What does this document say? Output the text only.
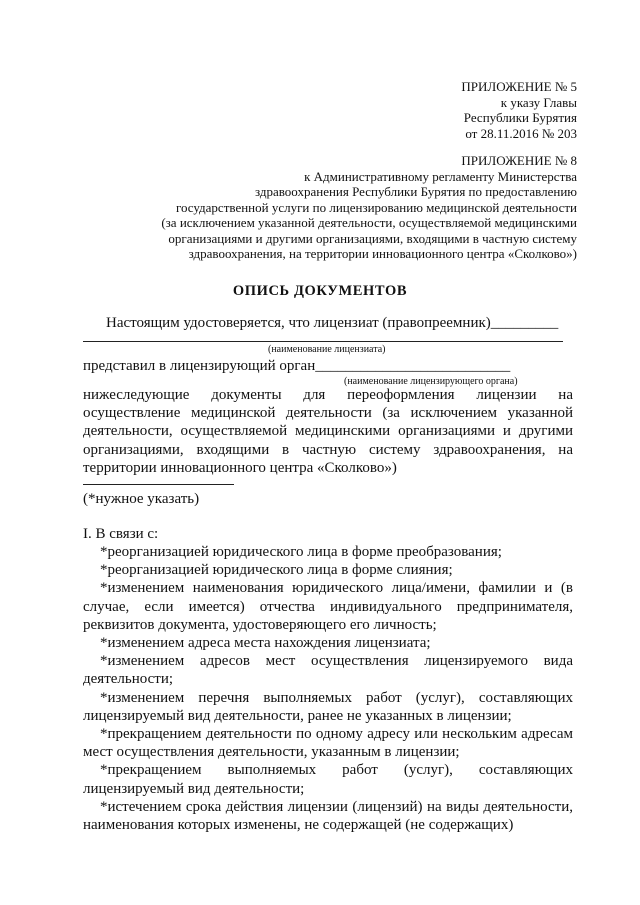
ПРИЛОЖЕНИЕ № 5
к указу Главы
Республики Бурятия
от 28.11.2016 № 203
ПРИЛОЖЕНИЕ № 8
к Административному регламенту Министерства
здравоохранения Республики Бурятия по предоставлению
государственной услуги по лицензированию медицинской деятельности
(за исключением указанной деятельности, осуществляемой медицинскими
организациями и другими организациями, входящими в частную систему
здравоохранения, на территории инновационного центра «Сколково»)
ОПИСЬ ДОКУМЕНТОВ
Настоящим удостоверяется, что лицензиат (правопреемник)_________
(наименование лицензиата)
представил в лицензирующий орган__________________________
(наименование лицензирующего органа)
нижеследующие документы для переоформления лицензии на осуществление медицинской деятельности (за исключением указанной деятельности, осуществляемой медицинскими организациями и другими организациями, входящими в частную систему здравоохранения, на территории инновационного центра «Сколково»)
(*нужное указать)
I. В связи с:
*реорганизацией юридического лица в форме преобразования;
*реорганизацией юридического лица в форме слияния;
*изменением наименования юридического лица/имени, фамилии и (в случае, если имеется) отчества индивидуального предпринимателя, реквизитов документа, удостоверяющего его личность;
*изменением адреса места нахождения лицензиата;
*изменением адресов мест осуществления лицензируемого вида деятельности;
*изменением перечня выполняемых работ (услуг), составляющих лицензируемый вид деятельности, ранее не указанных в лицензии;
*прекращением деятельности по одному адресу или нескольким адресам мест осуществления деятельности, указанным в лицензии;
*прекращением выполняемых работ (услуг), составляющих лицензируемый вид деятельности;
*истечением срока действия лицензии (лицензий) на виды деятельности, наименования которых изменены, не содержащей (не содержащих)
